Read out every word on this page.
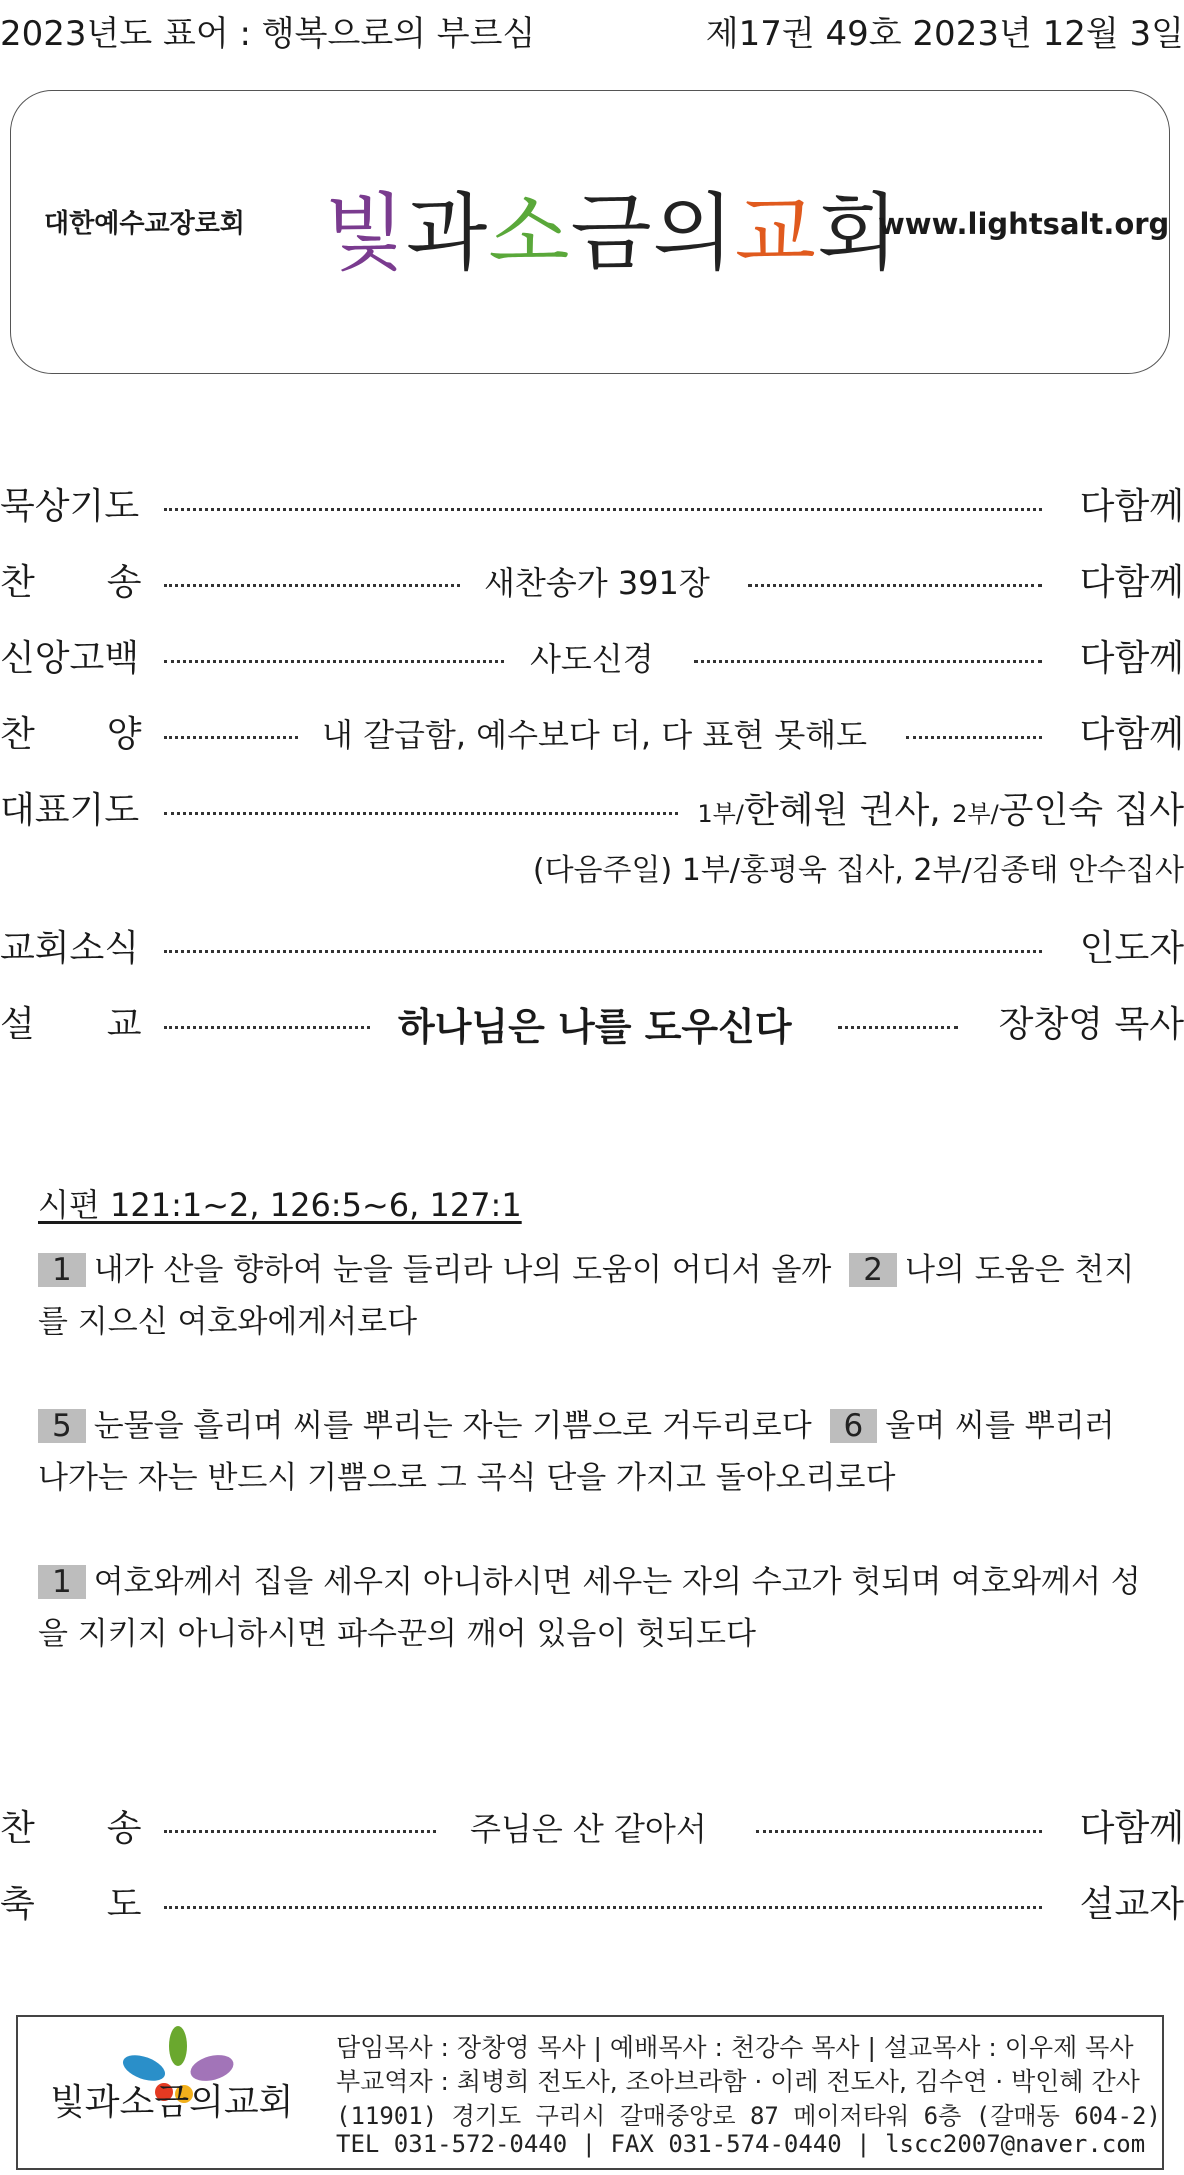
2023년도 표어 : 행복으로의 부르심	제17권 49호 2023년 12월 3일
대한예수교장로회 빛과소금의교회
www.lightsalt.org
묵상기도	다함께
찬　　송	새찬송가 391장	다함께
신앙고백	사도신경	다함께
찬　　양	내 갈급함, 예수보다 더, 다 표현 못해도	다함께
대표기도	1부/한혜원 권사, 2부/공인숙 집사
(다음주일) 1부/홍평욱 집사, 2부/김종태 안수집사
교회소식	인도자
설　　교	하나님은 나를 도우신다	장창영 목사
시편 121:1~2, 126:5~6, 127:1
1 내가 산을 향하여 눈을 들리라 나의 도움이 어디서 올까 2 나의 도움은 천지를 지으신 여호와에게서로다
5 눈물을 흘리며 씨를 뿌리는 자는 기쁨으로 거두리로다 6 울며 씨를 뿌리러 나가는 자는 반드시 기쁨으로 그 곡식 단을 가지고 돌아오리로다
1 여호와께서 집을 세우지 아니하시면 세우는 자의 수고가 헛되며 여호와께서 성을 지키지 아니하시면 파수꾼의 깨어 있음이 헛되도다
찬　　송	주님은 산 같아서	다함께
축　　도	설교자
빛과소금의교회
담임목사 : 장창영 목사 | 예배목사 : 천강수 목사 | 설교목사 : 이우제 목사
부교역자 : 최병희 전도사, 조아브라함 · 이레 전도사, 김수연 · 박인혜 간사
(11901) 경기도 구리시 갈매중앙로 87 메이저타워 6층 (갈매동 604-2)
TEL 031-572-0440 | FAX 031-574-0440 | lscc2007@naver.com
